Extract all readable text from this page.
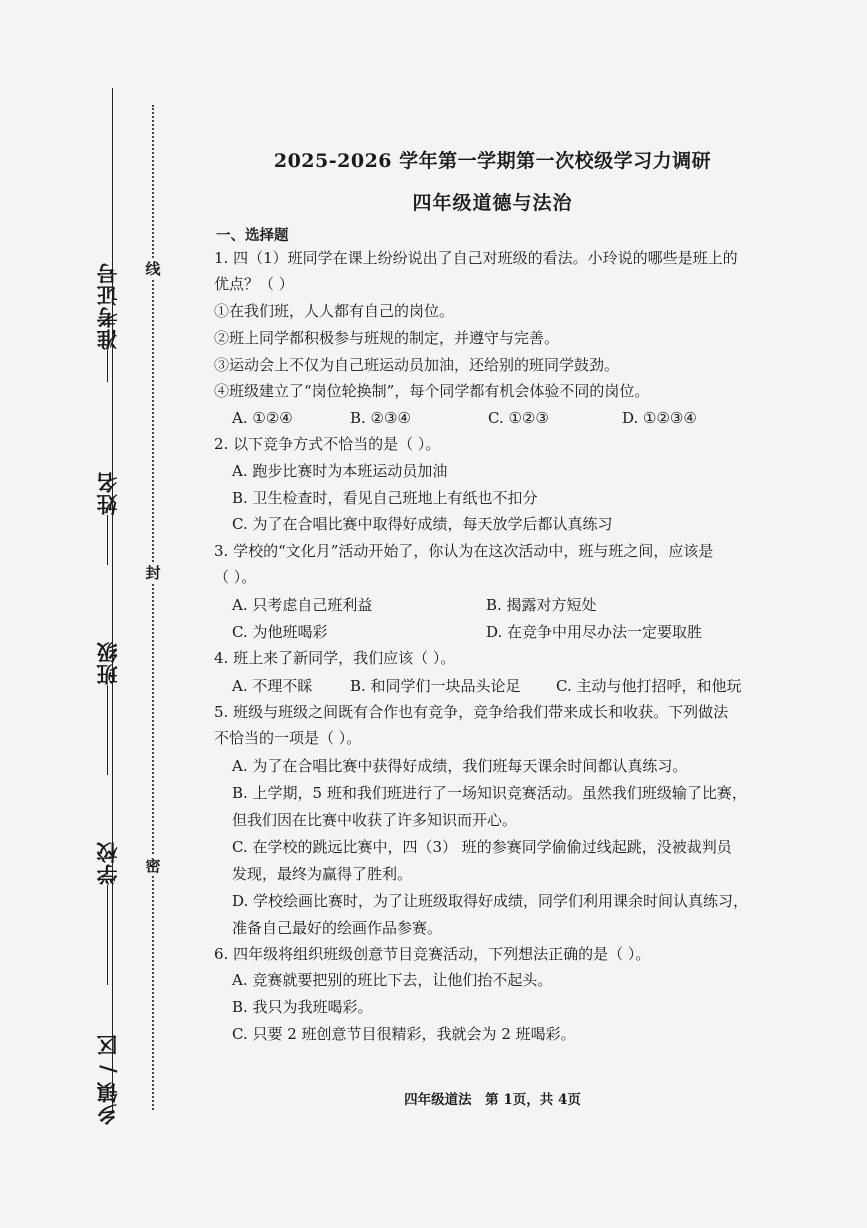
准考证号
姓名
班级
学校
乡镇 / 区
线
封
密
2025-2026 学年第一学期第一次校级学习力调研
四年级道德与法治
一、选择题
1. 四（1）班同学在课上纷纷说出了自己对班级的看法。小玲说的哪些是班上的
优点？（ ）
①在我们班，人人都有自己的岗位。
②班上同学都积极参与班规的制定，并遵守与完善。
③运动会上不仅为自己班运动员加油，还给别的班同学鼓劲。
④班级建立了“岗位轮换制”，每个同学都有机会体验不同的岗位。
A. ①②④	B. ②③④	C. ①②③	D. ①②③④
2. 以下竞争方式不恰当的是（ ）。
A. 跑步比赛时为本班运动员加油
B. 卫生检查时，看见自己班地上有纸也不扣分
C. 为了在合唱比赛中取得好成绩，每天放学后都认真练习
3. 学校的“文化月”活动开始了，你认为在这次活动中，班与班之间，应该是
（ ）。
A. 只考虑自己班利益	B. 揭露对方短处
C. 为他班喝彩	D. 在竞争中用尽办法一定要取胜
4. 班上来了新同学，我们应该（ ）。
A. 不理不睬	B. 和同学们一块品头论足 C. 主动与他打招呼，和他玩
5. 班级与班级之间既有合作也有竞争，竞争给我们带来成长和收获。下列做法
不恰当的一项是（ ）。
A. 为了在合唱比赛中获得好成绩，我们班每天课余时间都认真练习。
B. 上学期，5 班和我们班进行了一场知识竞赛活动。虽然我们班级输了比赛，
但我们因在比赛中收获了许多知识而开心。
C. 在学校的跳远比赛中，四（3） 班的参赛同学偷偷过线起跳，没被裁判员
发现，最终为赢得了胜利。
D. 学校绘画比赛时，为了让班级取得好成绩，同学们利用课余时间认真练习，
准备自己最好的绘画作品参赛。
6. 四年级将组织班级创意节目竞赛活动，下列想法正确的是（ ）。
A. 竞赛就要把别的班比下去，让他们抬不起头。
B. 我只为我班喝彩。
C. 只要 2 班创意节目很精彩，我就会为 2 班喝彩。
四年级道法　第 1页，共 4页
